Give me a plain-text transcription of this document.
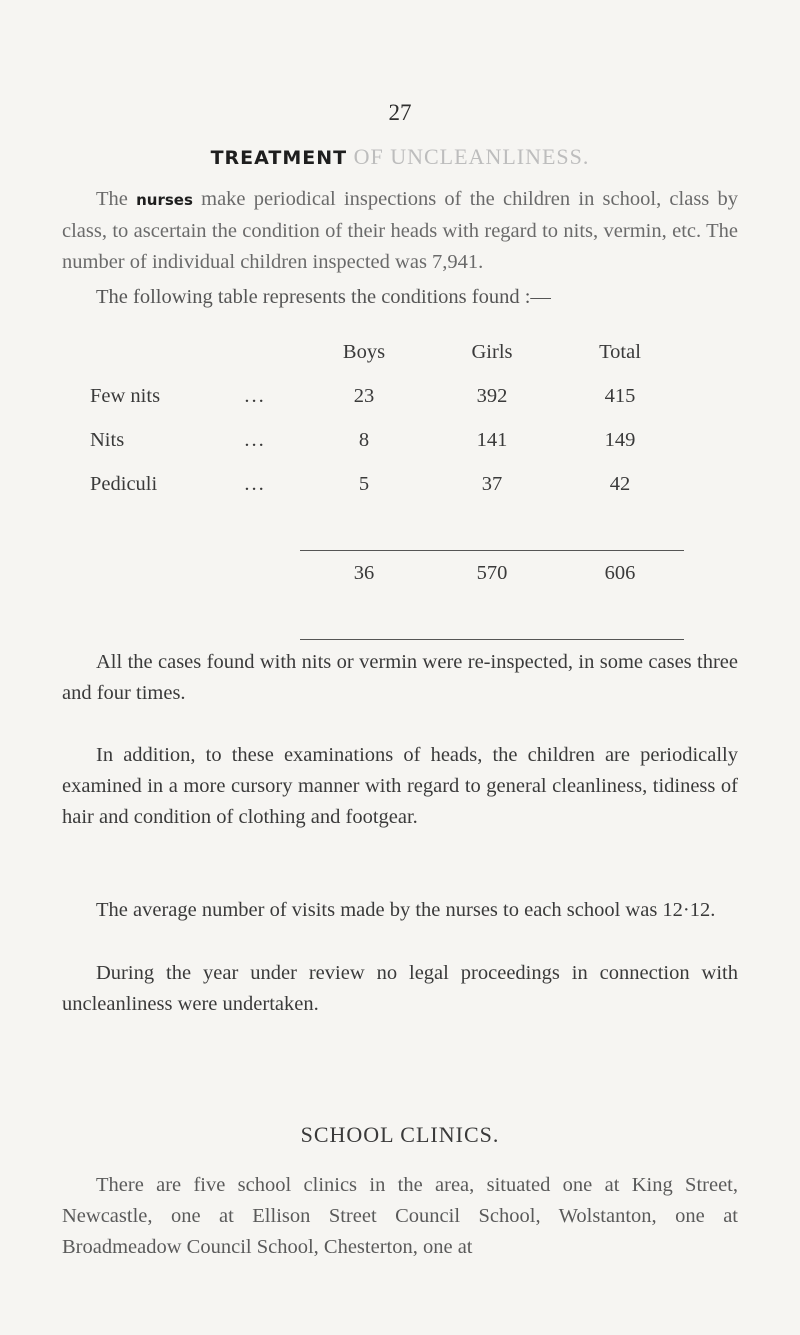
27
TREATMENT OF UNCLEANLINESS.

The nurses make periodical inspections of the children in school, class by class, to ascertain the condition of their heads with regard to nits, vermin, etc. The number of individual children inspected was 7,941.

The following table represents the conditions found :—

		Boys	Girls	Total
Few nits	...	23	392	415
Nits	...	8	141	149
Pediculi	...	5	37	42

		36	570	606

All the cases found with nits or vermin were re-inspected, in some cases three and four times.

In addition, to these examinations of heads, the children are periodically examined in a more cursory manner with regard to general cleanliness, tidiness of hair and condition of clothing and footgear.

The average number of visits made by the nurses to each school was 12·12.

During the year under review no legal proceedings in connection with uncleanliness were undertaken.

SCHOOL CLINICS.

There are five school clinics in the area, situated one at King Street, Newcastle, one at Ellison Street Council School, Wolstanton, one at Broadmeadow Council School, Chesterton, one at
